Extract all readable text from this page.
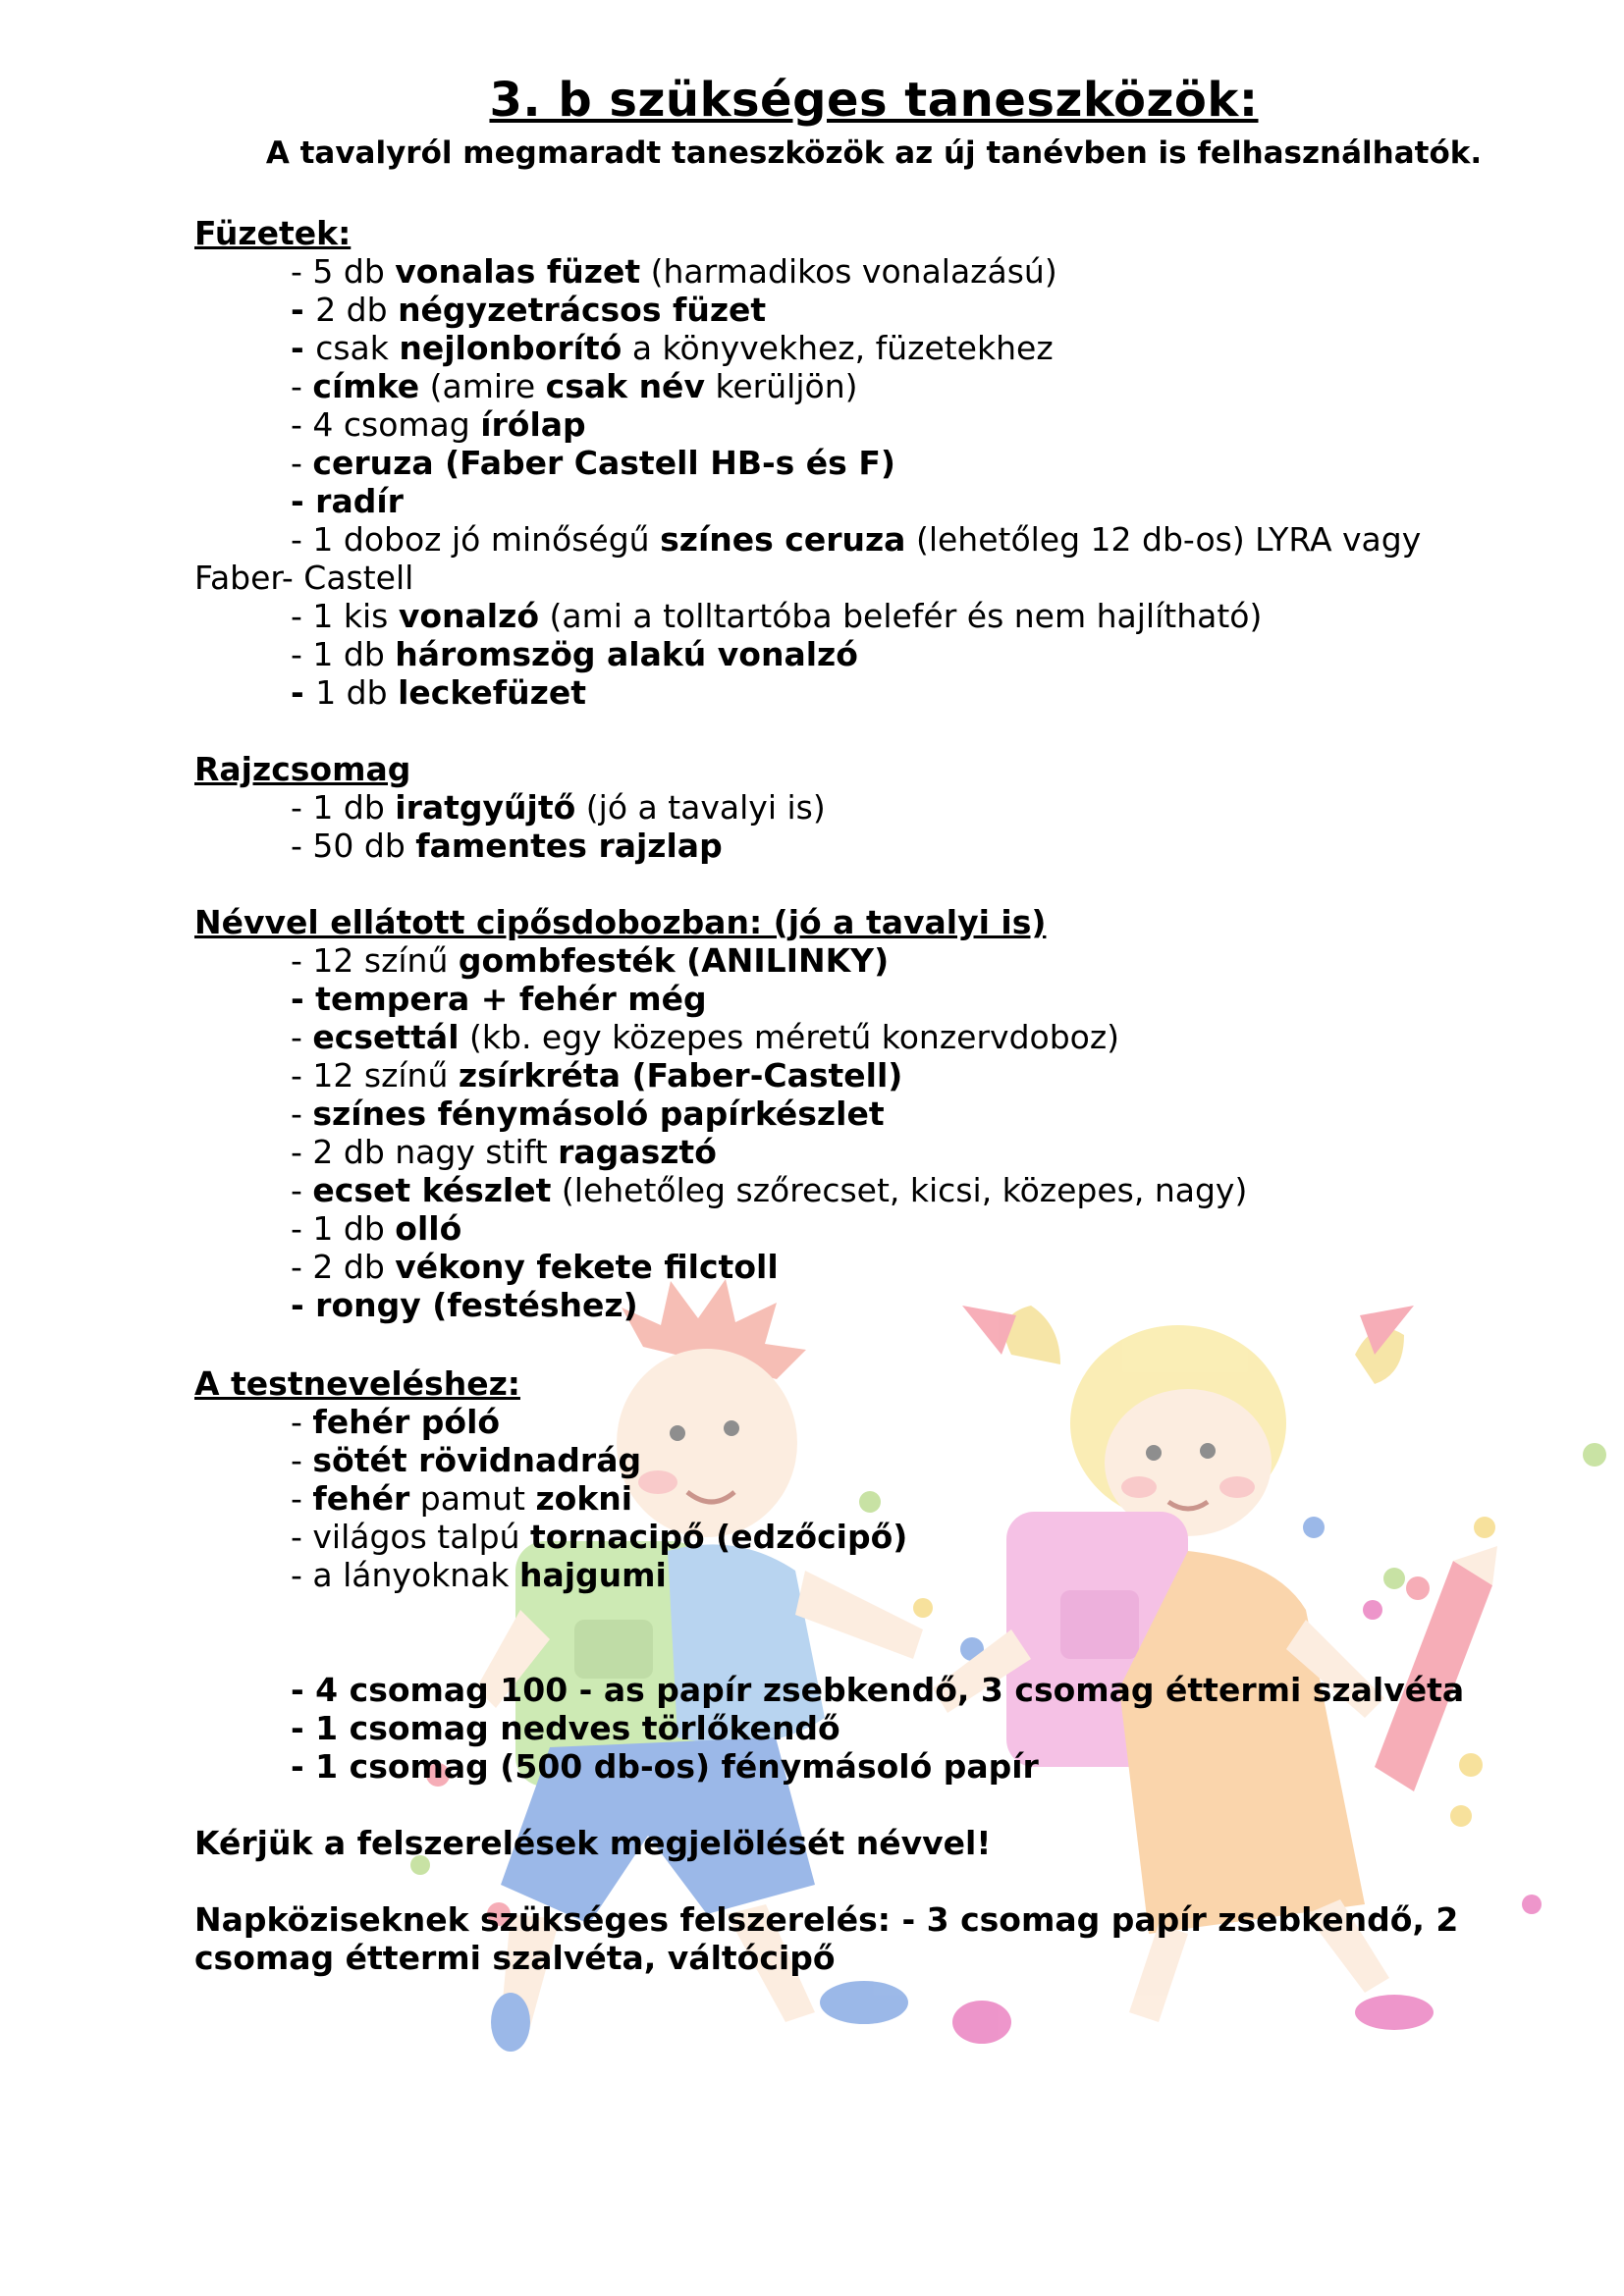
3. b szükséges taneszközök:
A tavalyról megmaradt taneszközök az új tanévben is felhasználhatók.
Füzetek:
- 5 db vonalas füzet (harmadikos vonalazású)
- 2 db négyzetrácsos füzet
- csak nejlonborító a könyvekhez, füzetekhez
- címke (amire csak név kerüljön)
- 4 csomag írólap
- ceruza (Faber Castell HB-s és F)
- radír
- 1 doboz jó minőségű színes ceruza (lehetőleg 12 db-os) LYRA vagy
Faber- Castell
- 1 kis vonalzó (ami a tolltartóba belefér és nem hajlítható)
- 1 db háromszög alakú vonalzó
- 1 db leckefüzet
Rajzcsomag
- 1 db iratgyűjtő (jó a tavalyi is)
- 50 db famentes rajzlap
Névvel ellátott cipősdobozban: (jó a tavalyi is)
- 12 színű gombfesték (ANILINKY)
- tempera + fehér még
- ecsettál (kb. egy közepes méretű konzervdoboz)
- 12 színű zsírkréta (Faber-Castell)
- színes fénymásoló papírkészlet
- 2 db nagy stift ragasztó
- ecset készlet (lehetőleg szőrecset, kicsi, közepes, nagy)
- 1 db olló
- 2 db vékony fekete filctoll
- rongy (festéshez)
A testneveléshez:
- fehér póló
- sötét rövidnadrág
- fehér pamut zokni
- világos talpú tornacipő (edzőcipő)
- a lányoknak hajgumi
- 4 csomag 100 - as papír zsebkendő, 3 csomag éttermi szalvéta
- 1 csomag nedves törlőkendő
- 1 csomag (500 db-os) fénymásoló papír
Kérjük a felszerelések megjelölését névvel!
Napköziseknek szükséges felszerelés: - 3 csomag papír zsebkendő, 2 csomag éttermi szalvéta, váltócipő
